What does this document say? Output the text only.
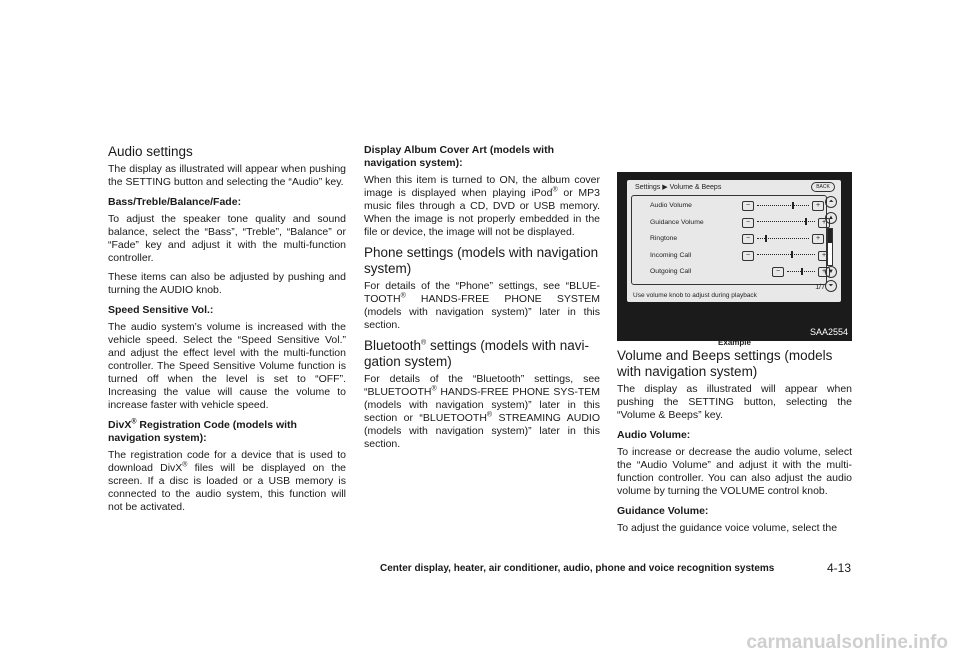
Audio settings

The display as illustrated will appear when pushing the SETTING button and selecting the “Audio” key.

Bass/Treble/Balance/Fade:

To adjust the speaker tone quality and sound balance, select the “Bass”, “Treble”, “Balance” or “Fade” key and adjust it with the multi-function controller.

These items can also be adjusted by pushing and turning the AUDIO knob.

Speed Sensitive Vol.:

The audio system’s volume is increased with the vehicle speed. Select the “Speed Sensitive Vol.” and adjust the effect level with the multi-function controller. The Speed Sensitive Volume function is turned off when the level is set to “OFF”. Increasing the value will cause the volume to increase faster with vehicle speed.

DivX® Registration Code (models with navigation system):

The registration code for a device that is used to download DivX® files will be displayed on the screen. If a disc is loaded or a USB memory is connected to the audio system, this function will not be activated.

Display Album Cover Art (models with navigation system):

When this item is turned to ON, the album cover image is displayed when playing iPod® or MP3 music files through a CD, DVD or USB memory. When the image is not properly embedded in the file or device, the image will not be displayed.

Phone settings (models with navigation system)

For details of the “Phone” settings, see “BLUE-TOOTH® HANDS-FREE PHONE SYSTEM (models with navigation system)” later in this section.

Bluetooth® settings (models with navi-gation system)

For details of the “Bluetooth” settings, see “BLUETOOTH® HANDS-FREE PHONE SYS-TEM (models with navigation system)” later in this section or “BLUETOOTH® STREAMING AUDIO (models with navigation system)” later in this section.

Settings ▶ Volume & Beeps	BACK
Audio Volume	−	+
Guidance Volume	−	+
Ringtone	−	+
Incoming Call	−	+
Outgoing Call	−	+
⏶
▲
▼
⏷
1/7
Use volume knob to adjust during playback
SAA2554
Example
Volume and Beeps settings (models with navigation system)

The display as illustrated will appear when pushing the SETTING button, selecting the “Volume & Beeps” key.

Audio Volume:

To increase or decrease the audio volume, select the “Audio Volume” and adjust it with the multi-function controller. You can also adjust the audio volume by turning the VOLUME control knob.

Guidance Volume:

To adjust the guidance voice volume, select the

Center display, heater, air conditioner, audio, phone and voice recognition systems	4-13
carmanualsonline.info
